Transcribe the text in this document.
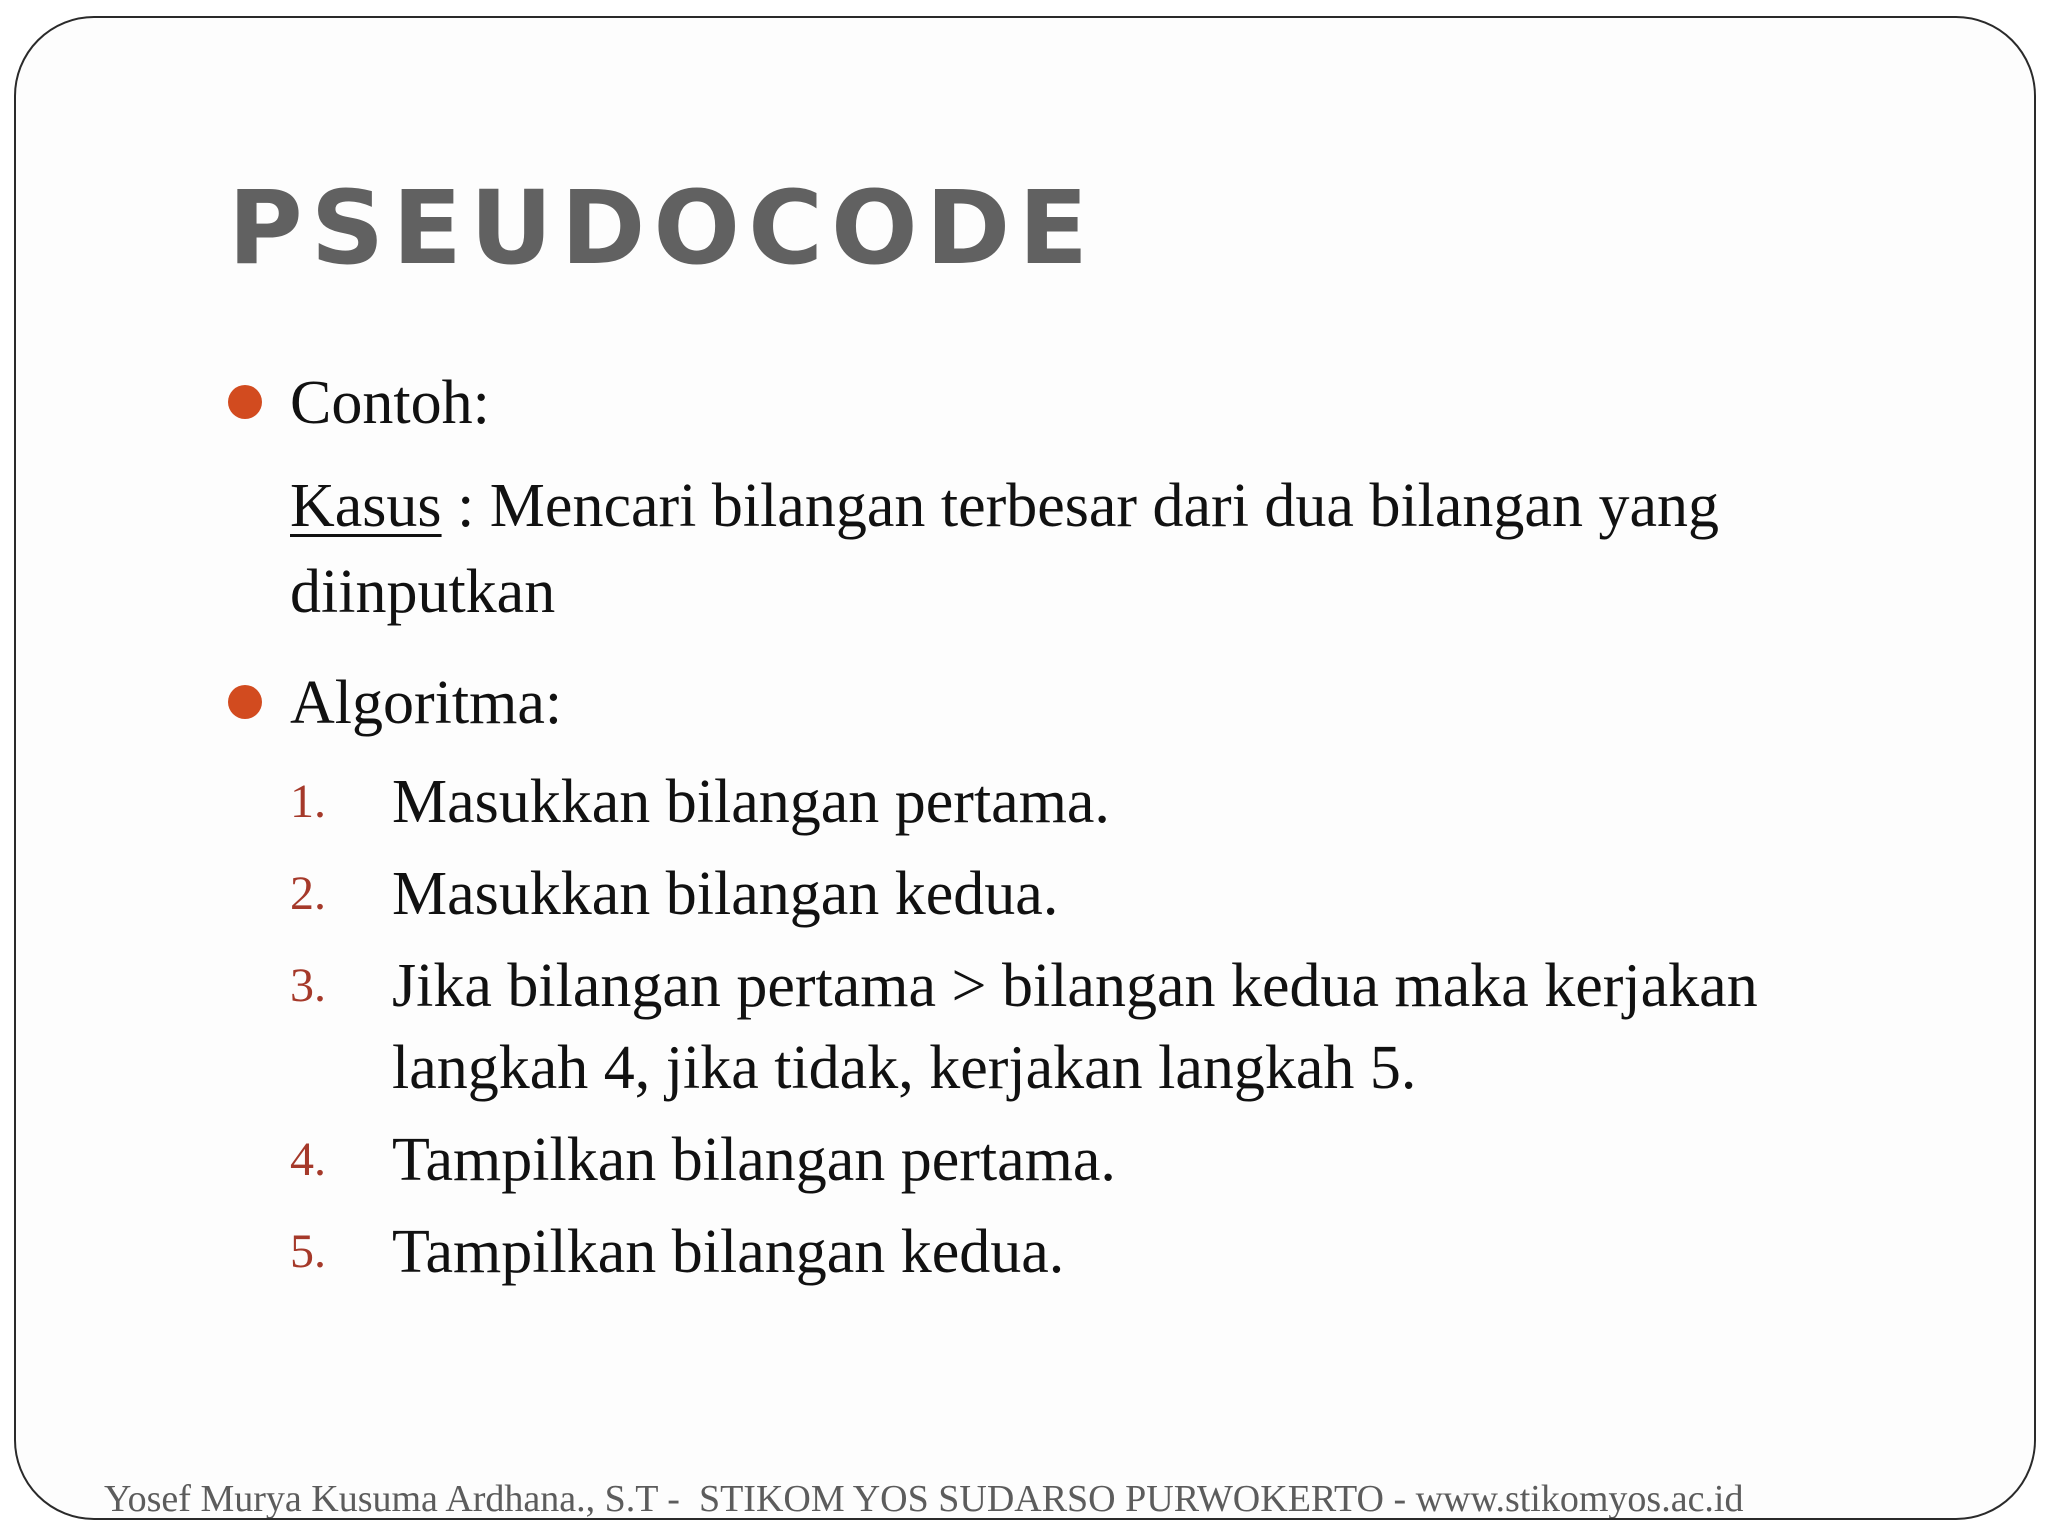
PSEUDOCODE
Contoh:
Kasus : Mencari bilangan terbesar dari dua bilangan yang diinputkan
Algoritma:
1.	Masukkan bilangan pertama.
2.	Masukkan bilangan kedua.
3.	Jika bilangan pertama > bilangan kedua maka kerjakan langkah 4, jika tidak, kerjakan langkah 5.
4.	Tampilkan bilangan pertama.
5.	Tampilkan bilangan kedua.
Yosef Murya Kusuma Ardhana., S.T -  STIKOM YOS SUDARSO PURWOKERTO - www.stikomyos.ac.id
